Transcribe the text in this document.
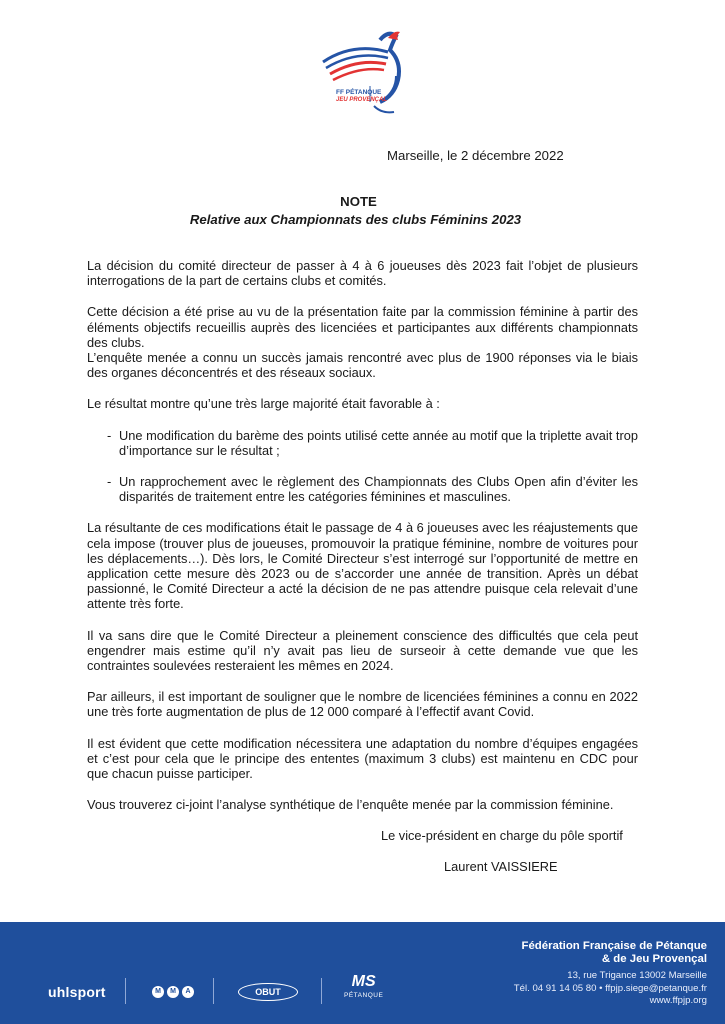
FF PÉTANQUE
JEU PROVENÇAL
Marseille, le 2 décembre 2022
NOTE
Relative aux Championnats des clubs Féminins 2023

La décision du comité directeur de passer à 4 à 6 joueuses dès 2023 fait l’objet de plusieurs interrogations de la part de certains clubs et comités.

Cette décision a été prise au vu de la présentation faite par la commission féminine à partir des éléments objectifs recueillis auprès des licenciées et participantes aux différents championnats des clubs.

L’enquête menée a connu un succès jamais rencontré avec plus de 1900 réponses via le biais des organes déconcentrés et des réseaux sociaux.

Le résultat montre qu’une très large majorité était favorable à :

- Une modification du barème des points utilisé cette année au motif que la triplette avait trop d’importance sur le résultat ;
- Un rapprochement avec le règlement des Championnats des Clubs Open afin d’éviter les disparités de traitement entre les catégories féminines et masculines.

La résultante de ces modifications était le passage de 4 à 6 joueuses avec les réajustements que cela impose (trouver plus de joueuses, promouvoir la pratique féminine, nombre de voitures pour les déplacements…). Dès lors, le Comité Directeur s’est interrogé sur l’opportunité de mettre en application cette mesure dès 2023 ou de s’accorder une année de transition. Après un débat passionné, le Comité Directeur a acté la décision de ne pas attendre puisque cela relevait d’une attente très forte.

Il va sans dire que le Comité Directeur a pleinement conscience des difficultés que cela peut engendrer mais estime qu’il n’y avait pas lieu de surseoir à cette demande vue que les contraintes soulevées resteraient les mêmes en 2024.

Par ailleurs, il est important de souligner que le nombre de licenciées féminines a connu en 2022 une très forte augmentation de plus de 12 000 comparé à l’effectif avant Covid.

Il est évident que cette modification nécessitera une adaptation du nombre d’équipes engagées et c’est pour cela que le principe des ententes (maximum 3 clubs) est maintenu en CDC pour que chacun puisse participer.

Vous trouverez ci-joint l’analyse synthétique de l’enquête menée par la commission féminine.

Le vice-président en charge du pôle sportif
Laurent VAISSIERE
Fédération Française de Pétanque
& de Jeu Provençal
13, rue Trigance 13002 Marseille
Tél. 04 91 14 05 80 • ffpjp.siege@petanque.fr
www.ffpjp.org
uhlsport	M	M	A	OBUT
MS
PÉTANQUE
